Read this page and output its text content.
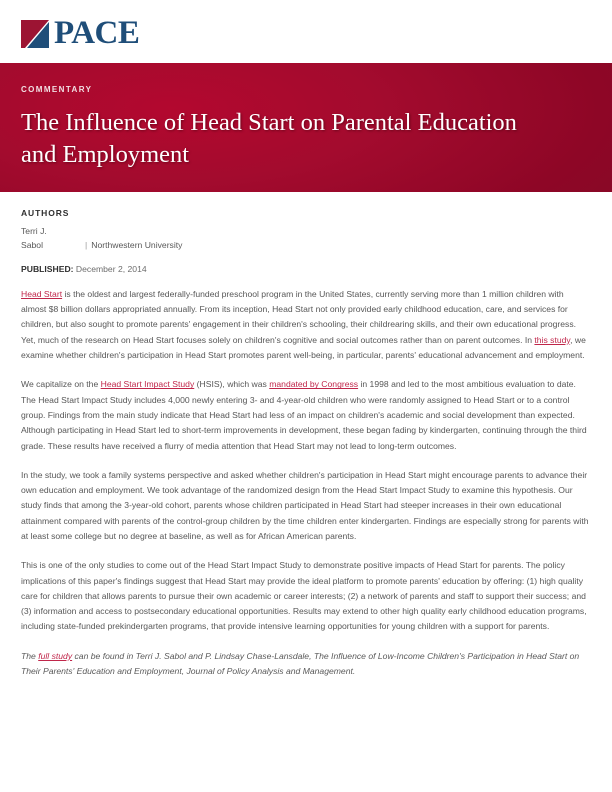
PACE
COMMENTARY
The Influence of Head Start on Parental Education and Employment
AUTHORS
Terri J.
Sabol	| Northwestern University
PUBLISHED: December 2, 2014

Head Start is the oldest and largest federally-funded preschool program in the United States, currently serving more than 1 million children with almost $8 billion dollars appropriated annually. From its inception, Head Start not only provided early childhood education, care, and services for children, but also sought to promote parents' engagement in their children's schooling, their childrearing skills, and their own educational progress. Yet, much of the research on Head Start focuses solely on children's cognitive and social outcomes rather than on parent outcomes. In this study, we examine whether children's participation in Head Start promotes parent well-being, in particular, parents' educational advancement and employment.

We capitalize on the Head Start Impact Study (HSIS), which was mandated by Congress in 1998 and led to the most ambitious evaluation to date. The Head Start Impact Study includes 4,000 newly entering 3- and 4-year-old children who were randomly assigned to Head Start or to a control group. Findings from the main study indicate that Head Start had less of an impact on children's academic and social development than expected. Although participating in Head Start led to short-term improvements in development, these began fading by kindergarten, continuing through the third grade. These results have received a flurry of media attention that Head Start may not lead to long-term outcomes.

In the study, we took a family systems perspective and asked whether children's participation in Head Start might encourage parents to advance their own education and employment. We took advantage of the randomized design from the Head Start Impact Study to examine this hypothesis. Our study finds that among the 3-year-old cohort, parents whose children participated in Head Start had steeper increases in their own educational attainment compared with parents of the control-group children by the time children enter kindergarten. Findings are especially strong for parents with at least some college but no degree at baseline, as well as for African American parents.

This is one of the only studies to come out of the Head Start Impact Study to demonstrate positive impacts of Head Start for parents. The policy implications of this paper's findings suggest that Head Start may provide the ideal platform to promote parents' education by offering: (1) high quality care for children that allows parents to pursue their own academic or career interests; (2) a network of parents and staff to support their success; and (3) information and access to postsecondary educational opportunities. Results may extend to other high quality early childhood education programs, including state-funded prekindergarten programs, that provide intensive learning opportunities for young children with a support for parents.

The full study can be found in Terri J. Sabol and P. Lindsay Chase-Lansdale, The Influence of Low-Income Children's Participation in Head Start on Their Parents' Education and Employment, Journal of Policy Analysis and Management.
